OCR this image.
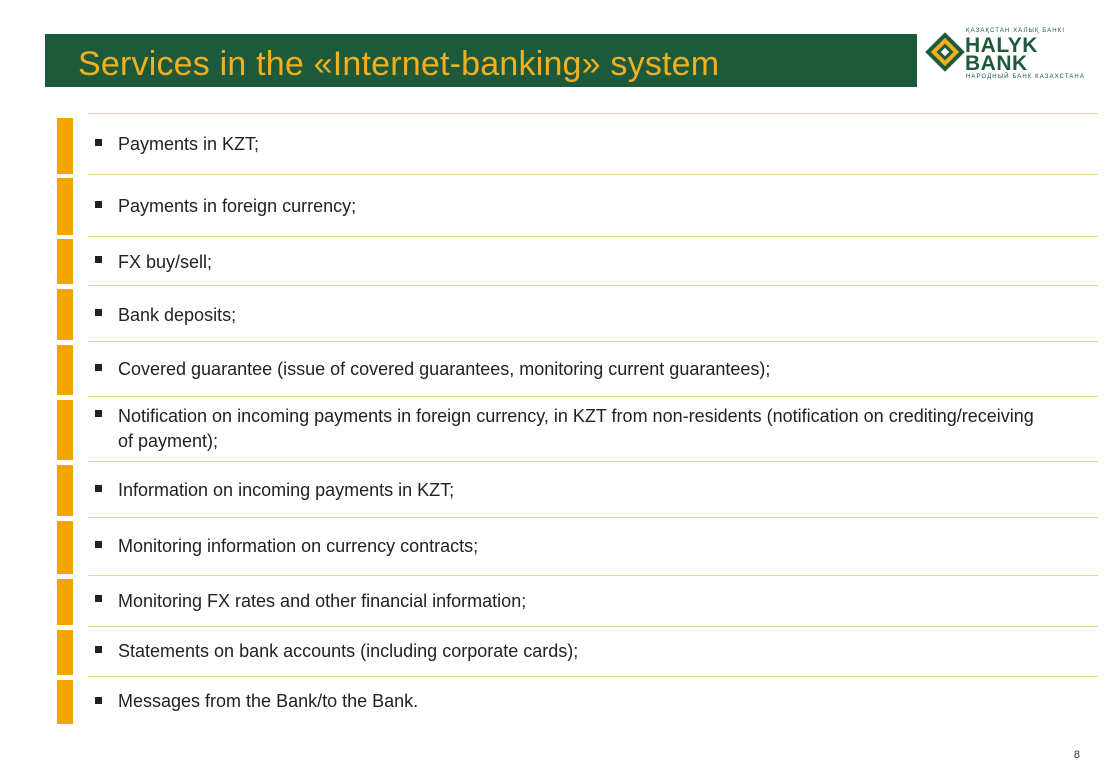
Services in the «Internet-banking» system
ҚАЗАҚСТАН ХАЛЫҚ БАНКІ
HALYK
BANK
НАРОДНЫЙ БАНК КАЗАХСТАНА
Payments in KZT;
Payments in foreign currency;
FX buy/sell;
Bank deposits;
Covered guarantee (issue of covered guarantees, monitoring current guarantees);
Notification on incoming payments in foreign currency, in KZT from non-residents (notification on crediting/receiving of payment);
Information on incoming payments in KZT;
Monitoring information on currency contracts;
Monitoring FX rates and other financial information;
Statements on bank accounts (including corporate cards);
Messages from the Bank/to the Bank.
8
